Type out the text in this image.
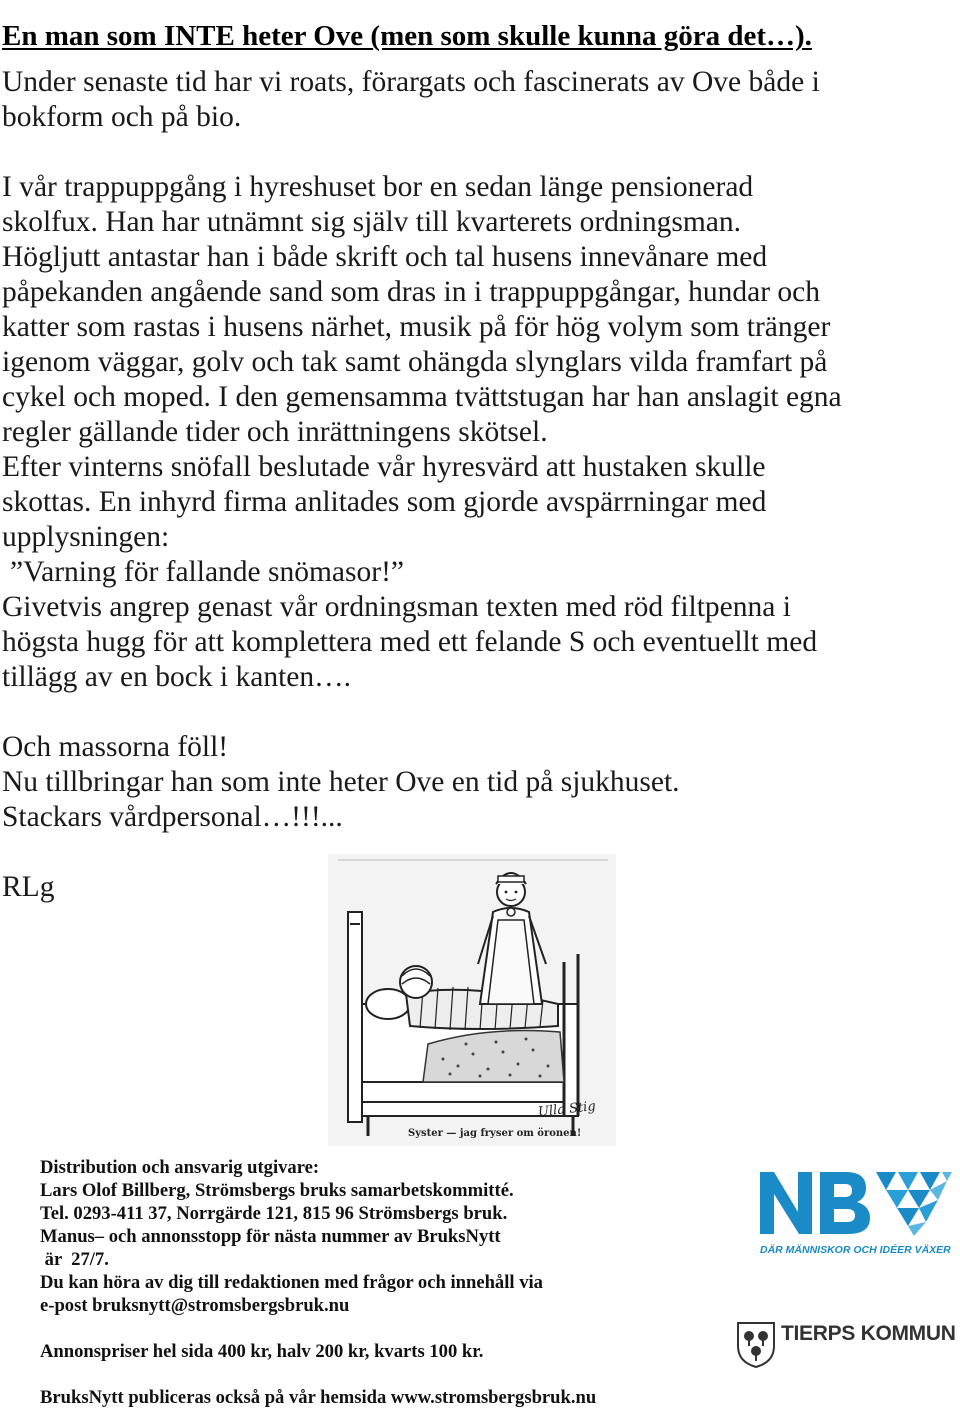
En man som INTE heter Ove (men som skulle kunna göra det…).
Under senaste tid har vi roats, förargats och fascinerats av Ove både i
bokform och på bio.
I vår trappuppgång i hyreshuset bor en sedan länge pensionerad
skolfux. Han har utnämnt sig själv till kvarterets ordningsman.
Högljutt antastar han i både skrift och tal husens innevånare med
påpekanden angående sand som dras in i trappuppgångar, hundar och
katter som rastas i husens närhet, musik på för hög volym som tränger
igenom väggar, golv och tak samt ohängda slynglars vilda framfart på
cykel och moped. I den gemensamma tvättstugan har han anslagit egna
regler gällande tider och inrättningens skötsel.
Efter vinterns snöfall beslutade vår hyresvärd att hustaken skulle
skottas. En inhyrd firma anlitades som gjorde avspärrningar med
upplysningen:
”Varning för fallande snömasor!”
Givetvis angrep genast vår ordningsman texten med röd filtpenna i
högsta hugg för att komplettera med ett felande S och eventuellt med
tillägg av en bock i kanten….
Och massorna föll!
Nu tillbringar han som inte heter Ove en tid på sjukhuset.
Stackars vårdpersonal…!!!...
RLg
Ulla Stig
Syster — jag fryser om öronen!
Distribution och ansvarig utgivare:
Lars Olof Billberg, Strömsbergs bruks samarbetskommitté.
Tel. 0293-411 37, Norrgärde 121, 815 96 Strömsbergs bruk.
Manus– och annonsstopp för nästa nummer av BruksNytt
är  27/7.
Du kan höra av dig till redaktionen med frågor och innehåll via
e-post bruksnytt@stromsbergsbruk.nu
Annonspriser hel sida 400 kr, halv 200 kr, kvarts 100 kr.
BruksNytt publiceras också på vår hemsida www.stromsbergsbruk.nu
DÄR MÄNNISKOR OCH IDÉER VÄXER
TIERPS KOMMUN
